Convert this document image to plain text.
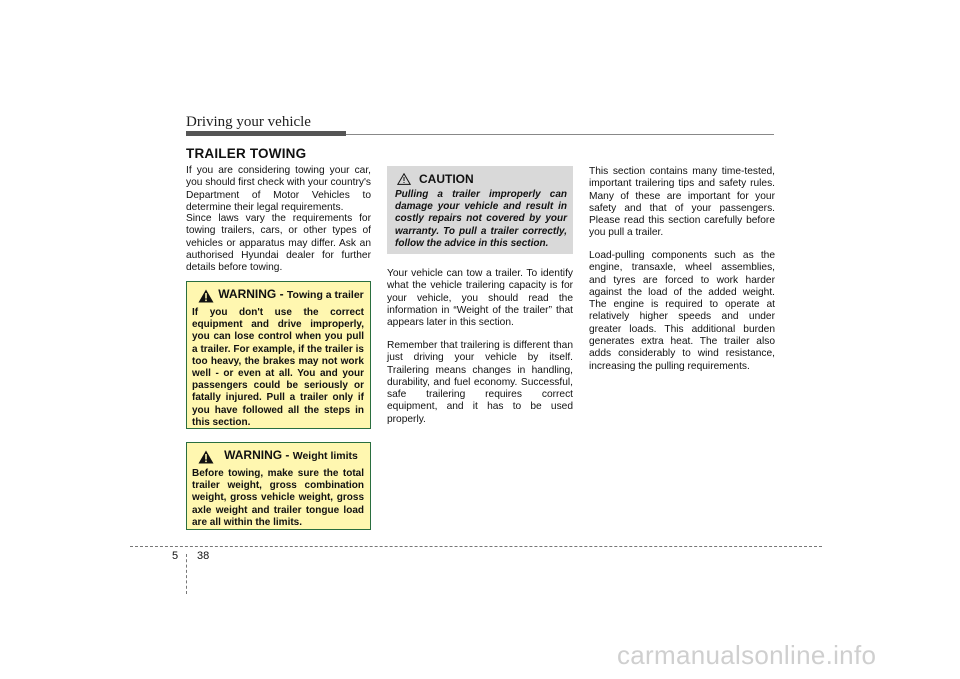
Driving your vehicle
TRAILER TOWING

If you are considering towing your car, you should first check with your country's Department of Motor Vehicles to determine their legal requirements.

Since laws vary the requirements for towing trailers, cars, or other types of vehicles or apparatus may differ. Ask an authorised Hyundai dealer for further details before towing.

WARNING - Towing a trailer
If you don't use the correct equipment and drive improperly, you can lose control when you pull a trailer. For example, if the trailer is too heavy, the brakes may not work well - or even at all. You and your passengers could be seriously or fatally injured. Pull a trailer only if you have followed all the steps in this section.
WARNING - Weight limits
Before towing, make sure the total trailer weight, gross combination weight, gross vehicle weight, gross axle weight and trailer tongue load are all within the limits.
CAUTION
Pulling a trailer improperly can damage your vehicle and result in costly repairs not covered by your warranty. To pull a trailer correctly, follow the advice in this section.

Your vehicle can tow a trailer. To identify what the vehicle trailering capacity is for your vehicle, you should read the information in “Weight of the trailer” that appears later in this section.

Remember that trailering is different than just driving your vehicle by itself. Trailering means changes in handling, durability, and fuel economy. Successful, safe trailering requires correct equipment, and it has to be used properly.

This section contains many time-tested, important trailering tips and safety rules. Many of these are important for your safety and that of your passengers. Please read this section carefully before you pull a trailer.

Load-pulling components such as the engine, transaxle, wheel assemblies, and tyres are forced to work harder against the load of the added weight. The engine is required to operate at relatively higher speeds and under greater loads. This additional burden generates extra heat. The trailer also adds considerably to wind resistance, increasing the pulling requirements.

5 38
carmanualsonline.info
